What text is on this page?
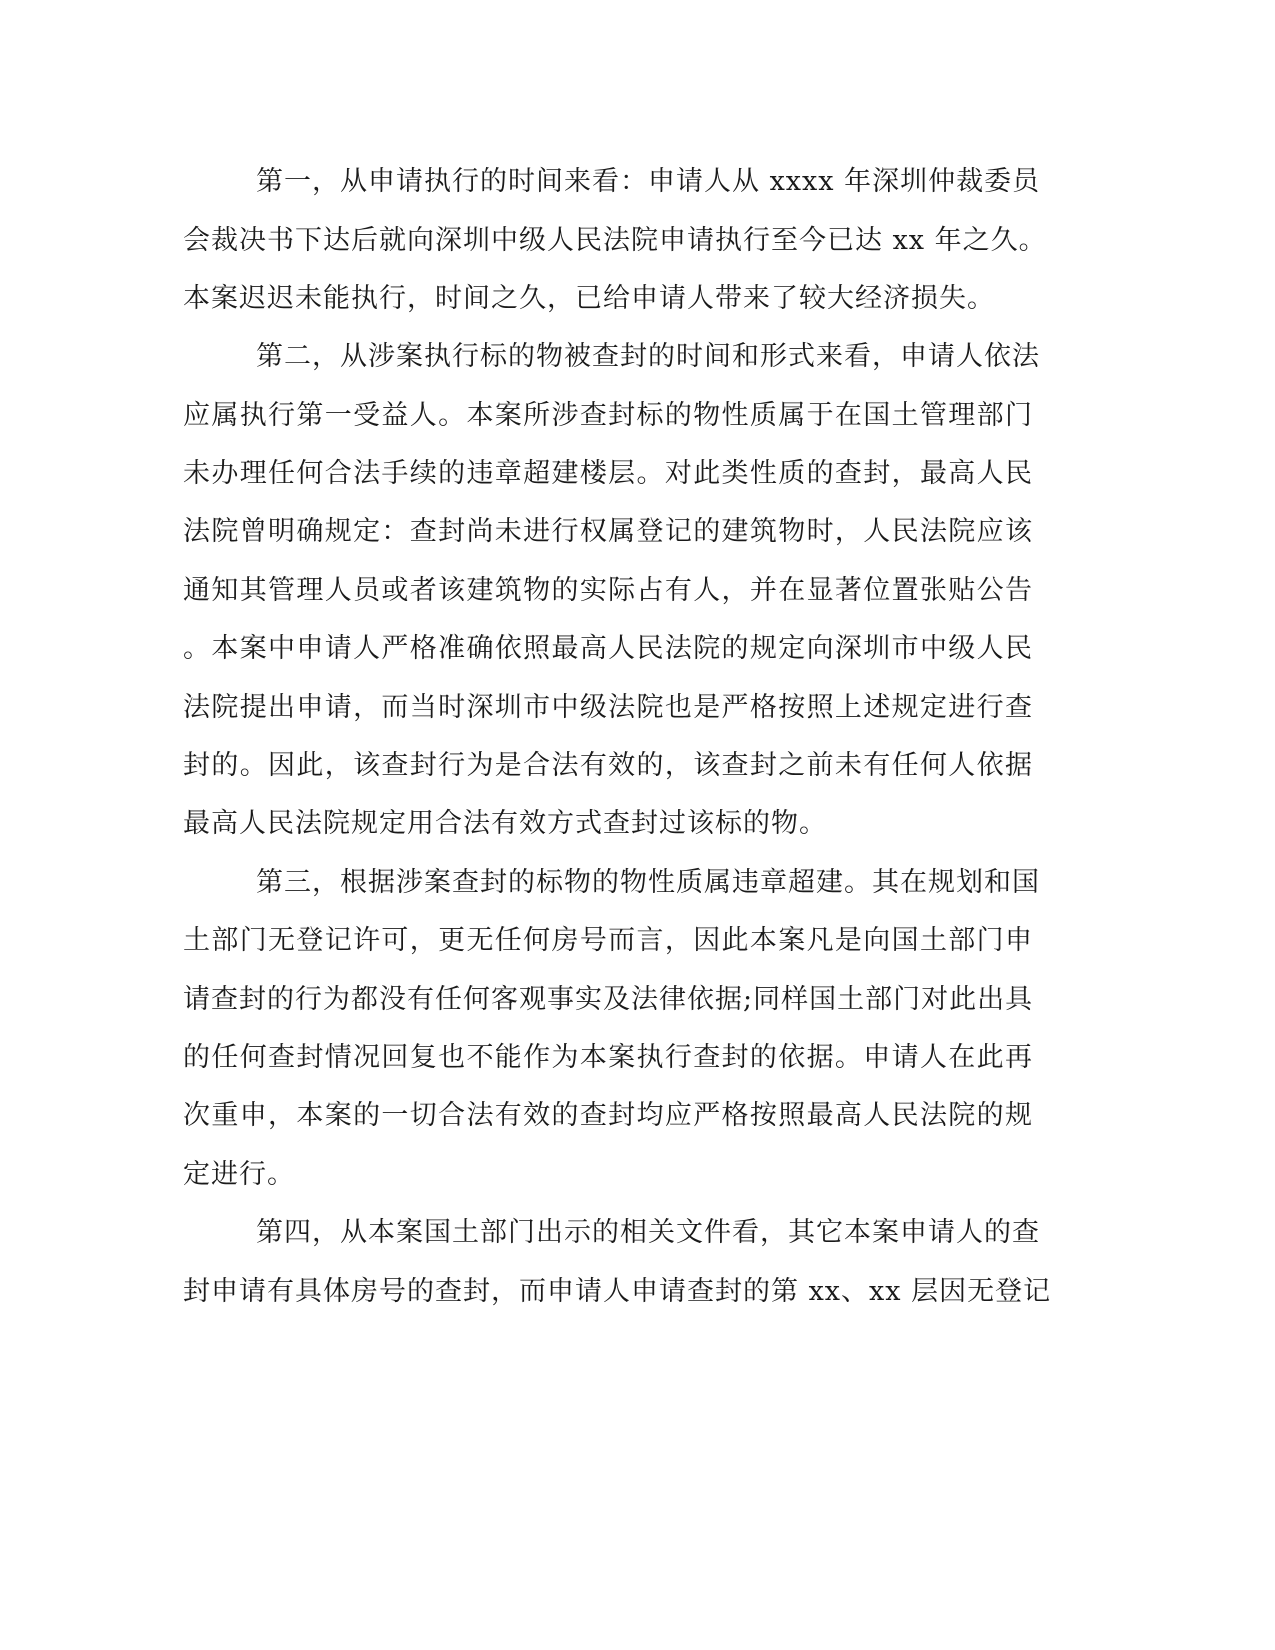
第一，从申请执行的时间来看：申请人从 xxxx 年深圳仲裁委员
会裁决书下达后就向深圳中级人民法院申请执行至今已达 xx 年之久。
本案迟迟未能执行，时间之久，已给申请人带来了较大经济损失。
第二，从涉案执行标的物被查封的时间和形式来看，申请人依法
应属执行第一受益人。本案所涉查封标的物性质属于在国土管理部门
未办理任何合法手续的违章超建楼层。对此类性质的查封，最高人民
法院曾明确规定：查封尚未进行权属登记的建筑物时，人民法院应该
通知其管理人员或者该建筑物的实际占有人，并在显著位置张贴公告
。本案中申请人严格准确依照最高人民法院的规定向深圳市中级人民
法院提出申请，而当时深圳市中级法院也是严格按照上述规定进行查
封的。因此，该查封行为是合法有效的，该查封之前未有任何人依据
最高人民法院规定用合法有效方式查封过该标的物。
第三，根据涉案查封的标物的物性质属违章超建。其在规划和国
土部门无登记许可，更无任何房号而言，因此本案凡是向国土部门申
请查封的行为都没有任何客观事实及法律依据;同样国土部门对此出具
的任何查封情况回复也不能作为本案执行查封的依据。申请人在此再
次重申，本案的一切合法有效的查封均应严格按照最高人民法院的规
定进行。
第四，从本案国土部门出示的相关文件看，其它本案申请人的查
封申请有具体房号的查封，而申请人申请查封的第 xx、xx 层因无登记
